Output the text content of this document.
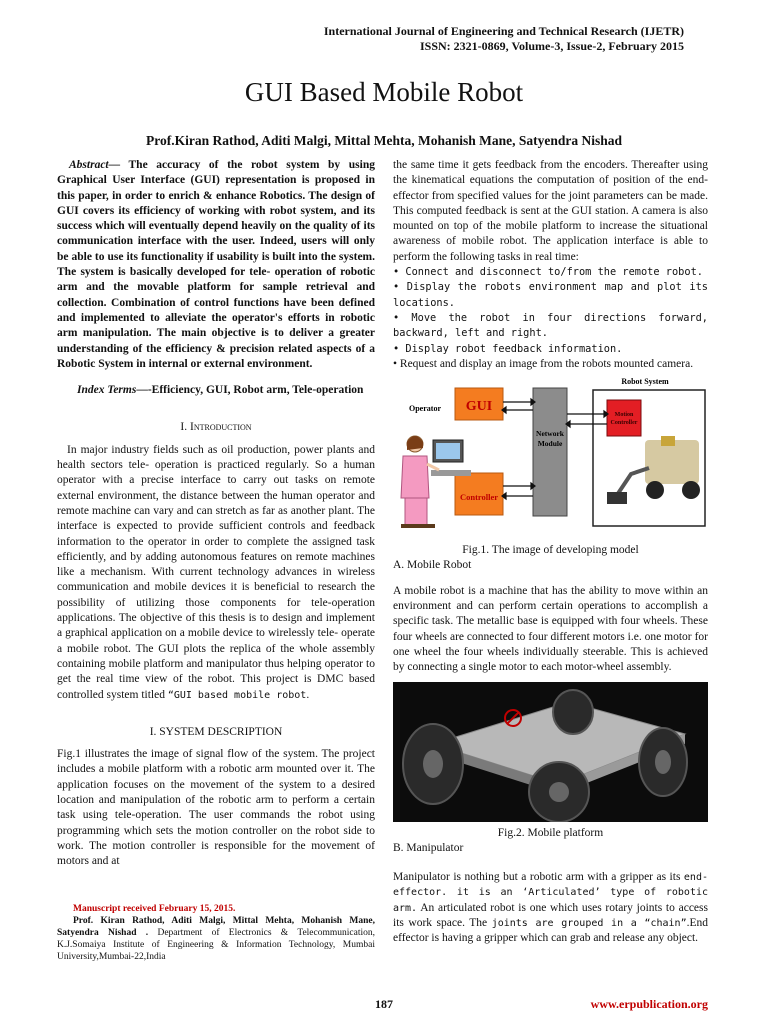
International Journal of Engineering and Technical Research (IJETR)
ISSN: 2321-0869, Volume-3, Issue-2, February 2015
GUI Based Mobile Robot
Prof.Kiran Rathod, Aditi Malgi, Mittal Mehta, Mohanish Mane, Satyendra Nishad

Abstract— The accuracy of the robot system by using Graphical User Interface (GUI) representation is proposed in this paper, in order to enrich & enhance Robotics. The design of GUI covers its efficiency of working with robot system, and its success which will eventually depend heavily on the quality of its communication interface with the user. Indeed, users will only be able to use its functionality if usability is built into the system. The system is basically developed for tele- operation of robotic arm and the movable platform for sample retrieval and collection. Combination of control functions have been defined and implemented to alleviate the operator's efforts in robotic arm manipulation. The main objective is to deliver a greater understanding of the efficiency & precision related aspects of a Robotic System in internal or external environment.

Index Terms—-Efficiency, GUI, Robot arm, Tele-operation

I. Introduction

In major industry fields such as oil production, power plants and health sectors tele- operation is practiced regularly. So a human operator with a precise interface to carry out tasks on remote external environment, the distance between the human operator and remote machine can vary and can stretch as far as another plant. The interface is expected to provide sufficient controls and feedback information to the operator in order to complete the assigned task efficiently, and by adding autonomous features on remote machines like a mechanism. With current technology advances in wireless communication and mobile devices it is beneficial to research the possibility of utilizing those components for tele-operation applications. The objective of this thesis is to design and implement a graphical application on a mobile device to wirelessly tele- operate a mobile robot. The GUI plots the replica of the whole assembly containing mobile platform and manipulator thus helping operator to get the real time view of the robot. This project is DMC based controlled system titled “GUI based mobile robot.

I. SYSTEM DESCRIPTION

Fig.1 illustrates the image of signal flow of the system. The project includes a mobile platform with a robotic arm mounted over it. The application focuses on the movement of the system to a desired location and manipulation of the robotic arm to perform a certain task using tele-operation. The user commands the robot using programming which sets the motion controller on the robot side to work. The motion controller is responsible for the movement of motors and at

Manuscript received February 15, 2015.

Prof. Kiran Rathod, Aditi Malgi, Mittal Mehta, Mohanish Mane, Satyendra Nishad . Department of Electronics & Telecommunication, K.J.Somaiya Institute of Engineering & Information Technology, Mumbai University,Mumbai-22,India

the same time it gets feedback from the encoders. Thereafter using the kinematical equations the computation of position of the end-effector from specified values for the joint parameters can be made. This computed feedback is sent at the GUI station. A camera is also mounted on top of the mobile platform to increase the situational awareness of mobile robot. The application interface is able to perform the following tasks in real time:

• Connect and disconnect to/from the remote robot.
• Display the robots environment map and plot its locations.
• Move the robot in four directions forward, backward, left and right.
• Display robot feedback information.
• Request and display an image from the robots mounted camera.
Robot System
Operator GUI
Controller
Network
Module
Motion
Controller

Fig.1. The image of developing model

A. Mobile Robot

A mobile robot is a machine that has the ability to move within an environment and can perform certain operations to accomplish a specific task. The metallic base is equipped with four wheels. These four wheels are connected to four different motors i.e. one motor for one wheel the four wheels individually steerable. This is achieved by connecting a single motor to each motor-wheel assembly.

Fig.2. Mobile platform

B. Manipulator

Manipulator is nothing but a robotic arm with a gripper as its end-effector. it is an ‘Articulated’ type of robotic arm. An articulated robot is one which uses rotary joints to access its work space. The joints are grouped in a “chain”.End effector is having a gripper which can grab and release any object.

187	www.erpublication.org
